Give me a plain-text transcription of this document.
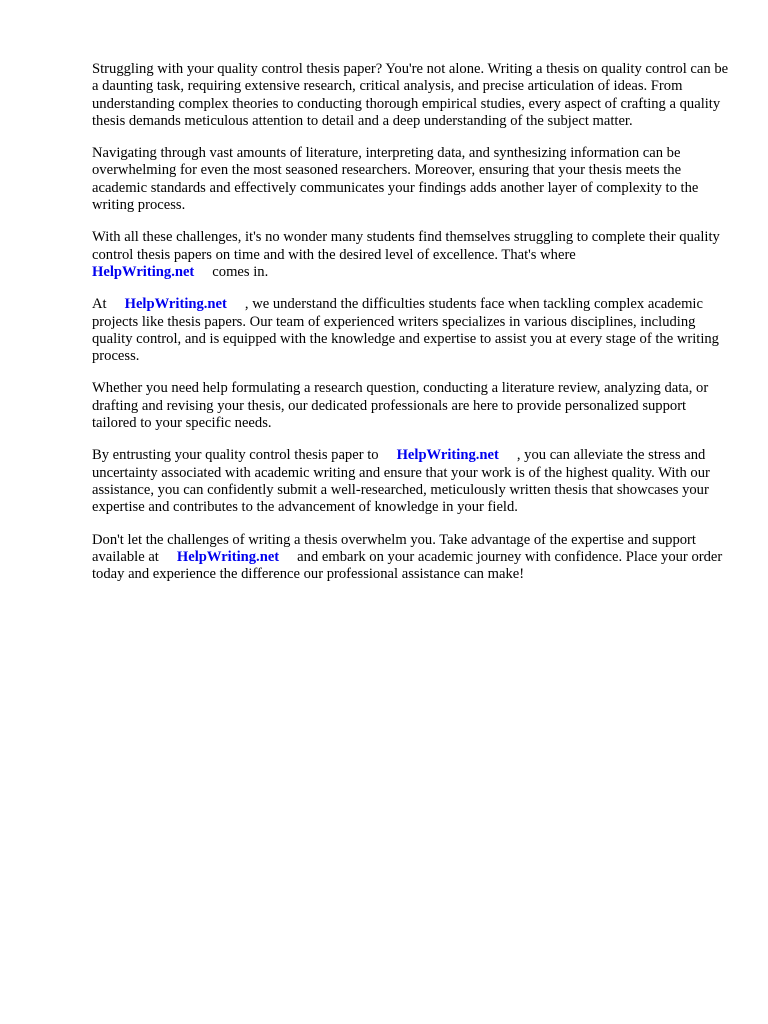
Struggling with your quality control thesis paper? You're not alone. Writing a thesis on quality control can be a daunting task, requiring extensive research, critical analysis, and precise articulation of ideas. From understanding complex theories to conducting thorough empirical studies, every aspect of crafting a quality thesis demands meticulous attention to detail and a deep understanding of the subject matter.

Navigating through vast amounts of literature, interpreting data, and synthesizing information can be overwhelming for even the most seasoned researchers. Moreover, ensuring that your thesis meets the academic standards and effectively communicates your findings adds another layer of complexity to the writing process.

With all these challenges, it's no wonder many students find themselves struggling to complete their quality control thesis papers on time and with the desired level of excellence. That's where
HelpWriting.net comes in.

At HelpWriting.net , we understand the difficulties students face when tackling complex academic projects like thesis papers. Our team of experienced writers specializes in various disciplines, including quality control, and is equipped with the knowledge and expertise to assist you at every stage of the writing process.

Whether you need help formulating a research question, conducting a literature review, analyzing data, or drafting and revising your thesis, our dedicated professionals are here to provide personalized support tailored to your specific needs.

By entrusting your quality control thesis paper to HelpWriting.net , you can alleviate the stress and uncertainty associated with academic writing and ensure that your work is of the highest quality. With our assistance, you can confidently submit a well-researched, meticulously written thesis that showcases your expertise and contributes to the advancement of knowledge in your field.

Don't let the challenges of writing a thesis overwhelm you. Take advantage of the expertise and support available at HelpWriting.net and embark on your academic journey with confidence. Place your order today and experience the difference our professional assistance can make!
